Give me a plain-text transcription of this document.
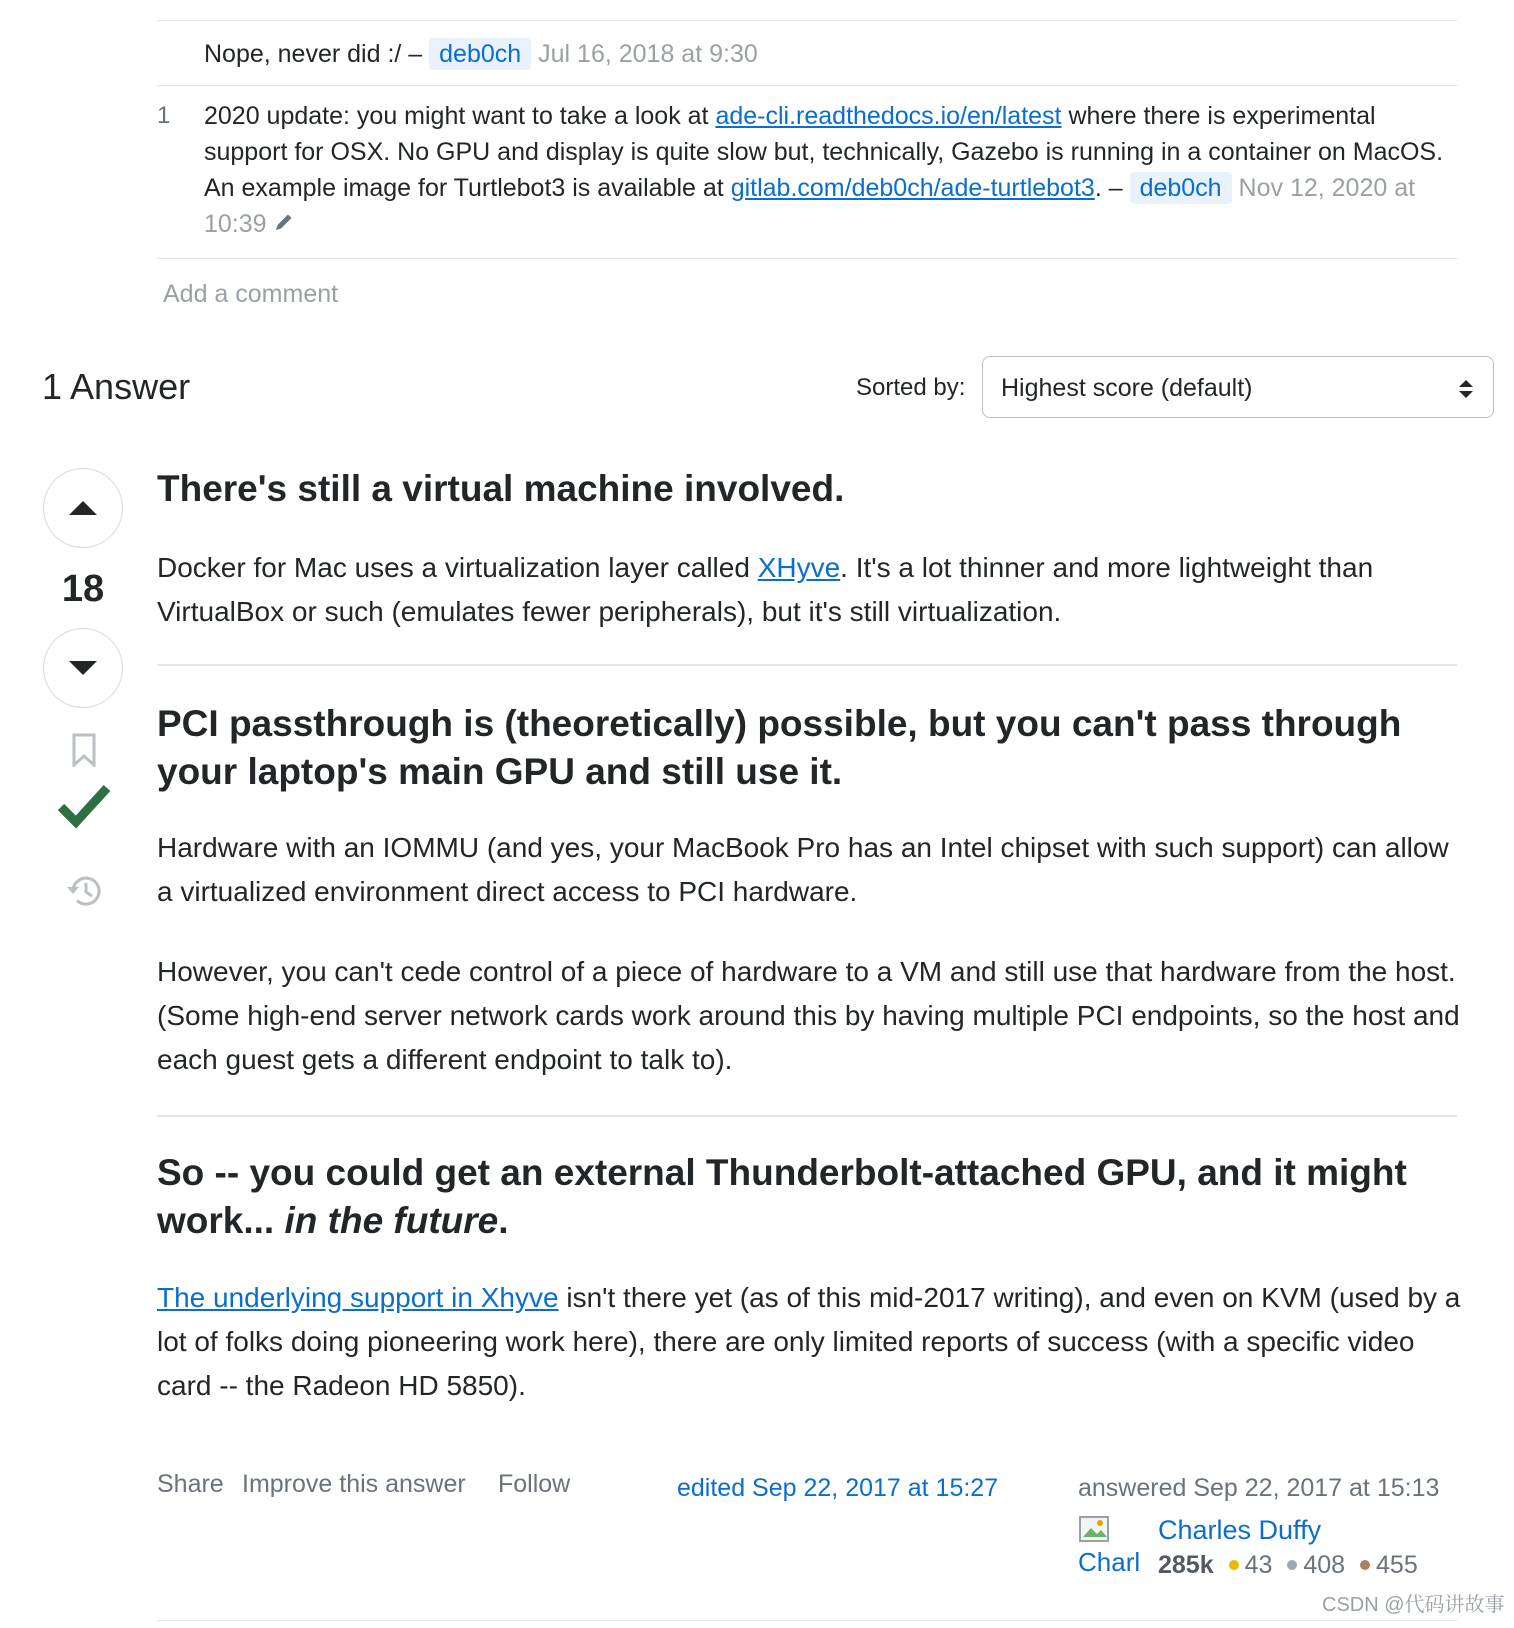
Nope, never did :/ – deb0ch Jul 16, 2018 at 9:30
1 2020 update: you might want to take a look at ade-cli.readthedocs.io/en/latest where there is experimental support for OSX. No GPU and display is quite slow but, technically, Gazebo is running in a container on MacOS. An example image for Turtlebot3 is available at gitlab.com/deb0ch/ade-turtlebot3. – deb0ch Nov 12, 2020 at 10:39
Add a comment
1 Answer	Sorted by:	Highest score (default)
18
There's still a virtual machine involved.

Docker for Mac uses a virtualization layer called XHyve. It's a lot thinner and more lightweight than VirtualBox or such (emulates fewer peripherals), but it's still virtualization.

PCI passthrough is (theoretically) possible, but you can't pass through your laptop's main GPU and still use it.

Hardware with an IOMMU (and yes, your MacBook Pro has an Intel chipset with such support) can allow a virtualized environment direct access to PCI hardware.

However, you can't cede control of a piece of hardware to a VM and still use that hardware from the host. (Some high-end server network cards work around this by having multiple PCI endpoints, so the host and each guest gets a different endpoint to talk to).

So -- you could get an external Thunderbolt-attached GPU, and it might work... in the future.

The underlying support in Xhyve isn't there yet (as of this mid-2017 writing), and even on KVM (used by a lot of folks doing pioneering work here), there are only limited reports of success (with a specific video card -- the Radeon HD 5850).

Share Improve this answer Follow	edited Sep 22, 2017 at 15:27	answered Sep 22, 2017 at 15:13
Charl
Charles Duffy
285k 43 408 455
CSDN @代码讲故事
